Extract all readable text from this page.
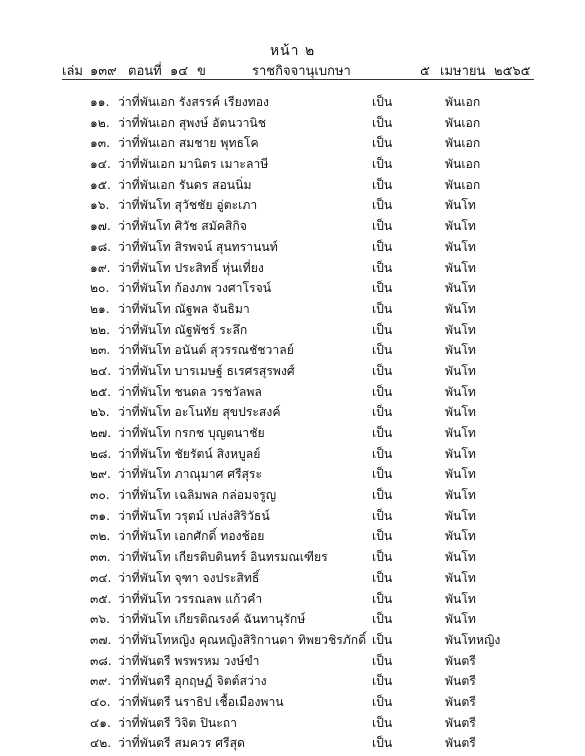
หน้า ๒
เล่ม ๑๓๙ ตอนที่ ๑๔ ข	ราชกิจจานุเบกษา	๕ เมษายน ๒๕๖๕
๑๑. ว่าที่พันเอก รังสรรค์ เรียงทอง	เป็น	พันเอก
๑๒. ว่าที่พันเอก สุพงษ์ อัตนวานิช	เป็น	พันเอก
๑๓. ว่าที่พันเอก สมชาย พุทธโค	เป็น	พันเอก
๑๔. ว่าที่พันเอก มานิตร เมาะลาษี	เป็น	พันเอก
๑๕. ว่าที่พันเอก รันดร สอนนิ่ม	เป็น	พันเอก
๑๖. ว่าที่พันโท สุวัชชัย อู่ตะเภา	เป็น	พันโท
๑๗. ว่าที่พันโท ศิวัช สมัคสิกิจ	เป็น	พันโท
๑๘. ว่าที่พันโท สิรพจน์ สุนทรานนท์	เป็น	พันโท
๑๙. ว่าที่พันโท ประสิทธิ์ หุ่นเที่ยง	เป็น	พันโท
๒๐. ว่าที่พันโท ก้องภพ วงศาโรจน์	เป็น	พันโท
๒๑. ว่าที่พันโท ณัฐพล จันธิมา	เป็น	พันโท
๒๒. ว่าที่พันโท ณัฐพัชร์ ระลึก	เป็น	พันโท
๒๓. ว่าที่พันโท อนันต์ สุวรรณชัชวาลย์	เป็น	พันโท
๒๔. ว่าที่พันโท บารเมษฐ์ ธเรศรสุรพงศ์	เป็น	พันโท
๒๕. ว่าที่พันโท ชนดล วรชวัลพล	เป็น	พันโท
๒๖. ว่าที่พันโท อะโนทัย สุขประสงค์	เป็น	พันโท
๒๗. ว่าที่พันโท กรกช บุญตนาชัย	เป็น	พันโท
๒๘. ว่าที่พันโท ชัยรัตน์ สิงหบูลย์	เป็น	พันโท
๒๙. ว่าที่พันโท ภาณุมาศ ศรีสุระ	เป็น	พันโท
๓๐. ว่าที่พันโท เฉลิมพล กล่อมจรูญ	เป็น	พันโท
๓๑. ว่าที่พันโท วรุตม์ เปล่งสิริวัธน์	เป็น	พันโท
๓๒. ว่าที่พันโท เอกศักดิ์ ทองช้อย	เป็น	พันโท
๓๓. ว่าที่พันโท เกียรติบดินทร์ อินทรมณเฑียร	เป็น	พันโท
๓๔. ว่าที่พันโท จุฑา จงประสิทธิ์	เป็น	พันโท
๓๕. ว่าที่พันโท วรรณลพ แก้วคำ	เป็น	พันโท
๓๖. ว่าที่พันโท เกียรติณรงค์ ฉันทานุรักษ์	เป็น	พันโท
๓๗. ว่าที่พันโทหญิง คุณหญิงสิริกานดา ทิพยวชิรภักดิ์ เป็น	พันโทหญิง
๓๘. ว่าที่พันตรี พรพรหม วงษ์ขำ	เป็น	พันตรี
๓๙. ว่าที่พันตรี อุกฤษฏ์ จิตต์สว่าง	เป็น	พันตรี
๔๐. ว่าที่พันตรี นราธิป เชื้อเมืองพาน	เป็น	พันตรี
๔๑. ว่าที่พันตรี วิจิต ปินะถา	เป็น	พันตรี
๔๒. ว่าที่พันตรี สมควร ศรีสุด	เป็น	พันตรี
